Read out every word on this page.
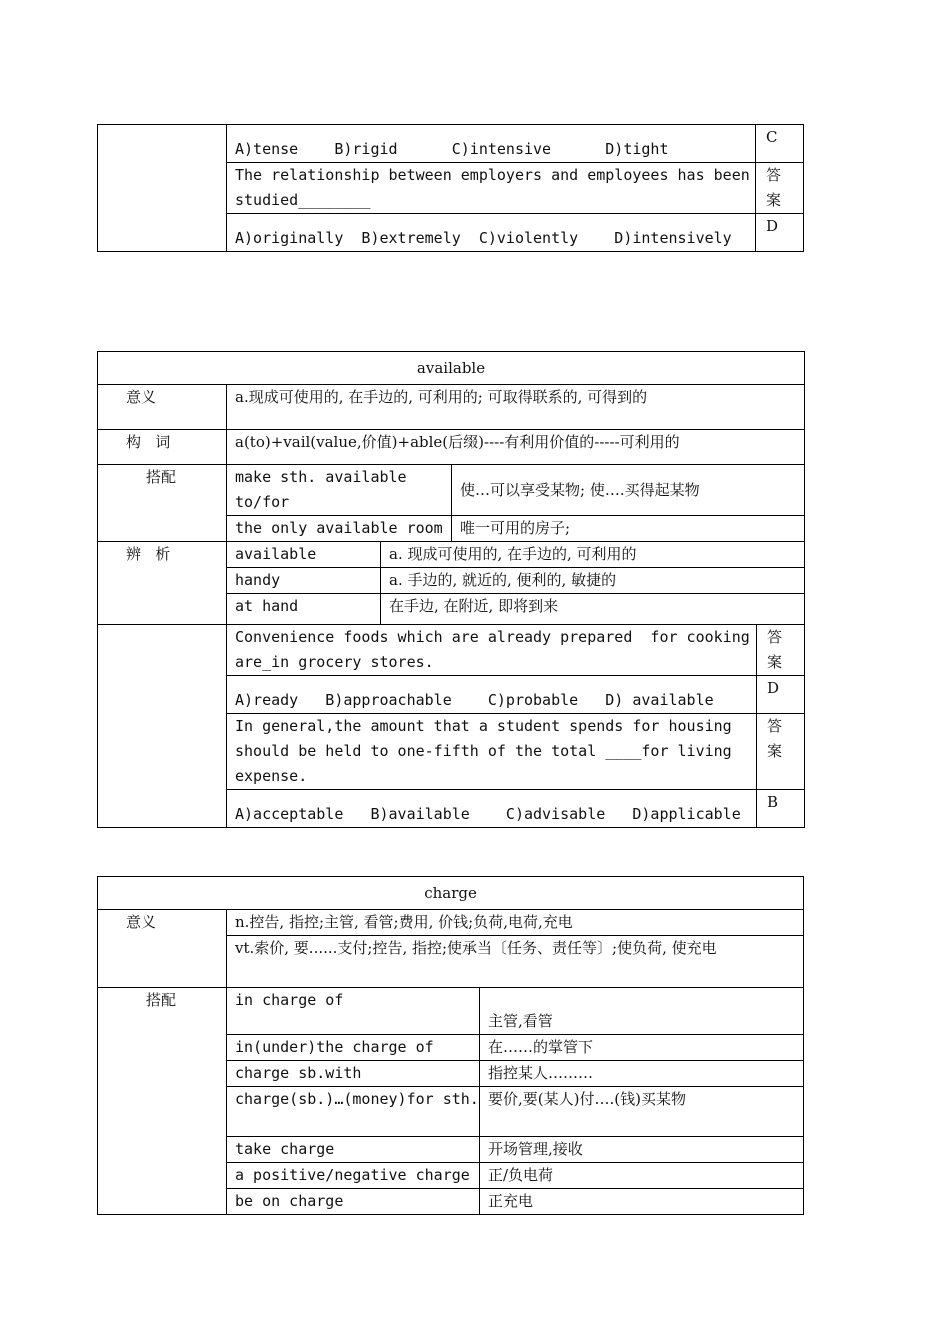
	A)tense    B)rigid      C)intensive      D)tight	C

	The relationship between employers and employees has been studied________	答案

	A)originally  B)extremely  C)violently    D)intensively	D
available				

意义	a.现成可使用的, 在手边的, 可利用的; 可取得联系的, 可得到的			

构   词	a(to)+vail(value,价值)+able(后缀)----有利用价值的-----可利用的			

搭配	make sth. available to/for		使…可以享受某物; 使….买得起某物	

	the only available room		唯一可用的房子;	

辨   析	available	a. 现成可使用的, 在手边的, 可利用的		

	handy	a. 手边的, 就近的, 便利的, 敏捷的		

	at hand	在手边, 在附近, 即将到来		

	Convenience foods which are already prepared  for cooking are_in grocery stores.			答案

	A)ready   B)approachable    C)probable   D) available			D

	In general,the amount that a student spends for housing should be held to one-fifth of the total ____for living expense.			答案

	A)acceptable   B)available    C)advisable   D)applicable			B
charge		

意义	n.控告, 指控;主管, 看管;费用, 价钱;负荷,电荷,充电	

	vt.索价, 要......支付;控告, 指控;使承当〔任务、责任等〕;使负荷, 使充电	

搭配	in charge of	主管,看管

	in(under)the charge of	在……的掌管下

	charge sb.with	指控某人………

	charge(sb.)…(money)for sth.	要价,要(某人)付….(钱)买某物

	take charge	开场管理,接收

	a positive/negative charge	正/负电荷

	be on charge	正充电
